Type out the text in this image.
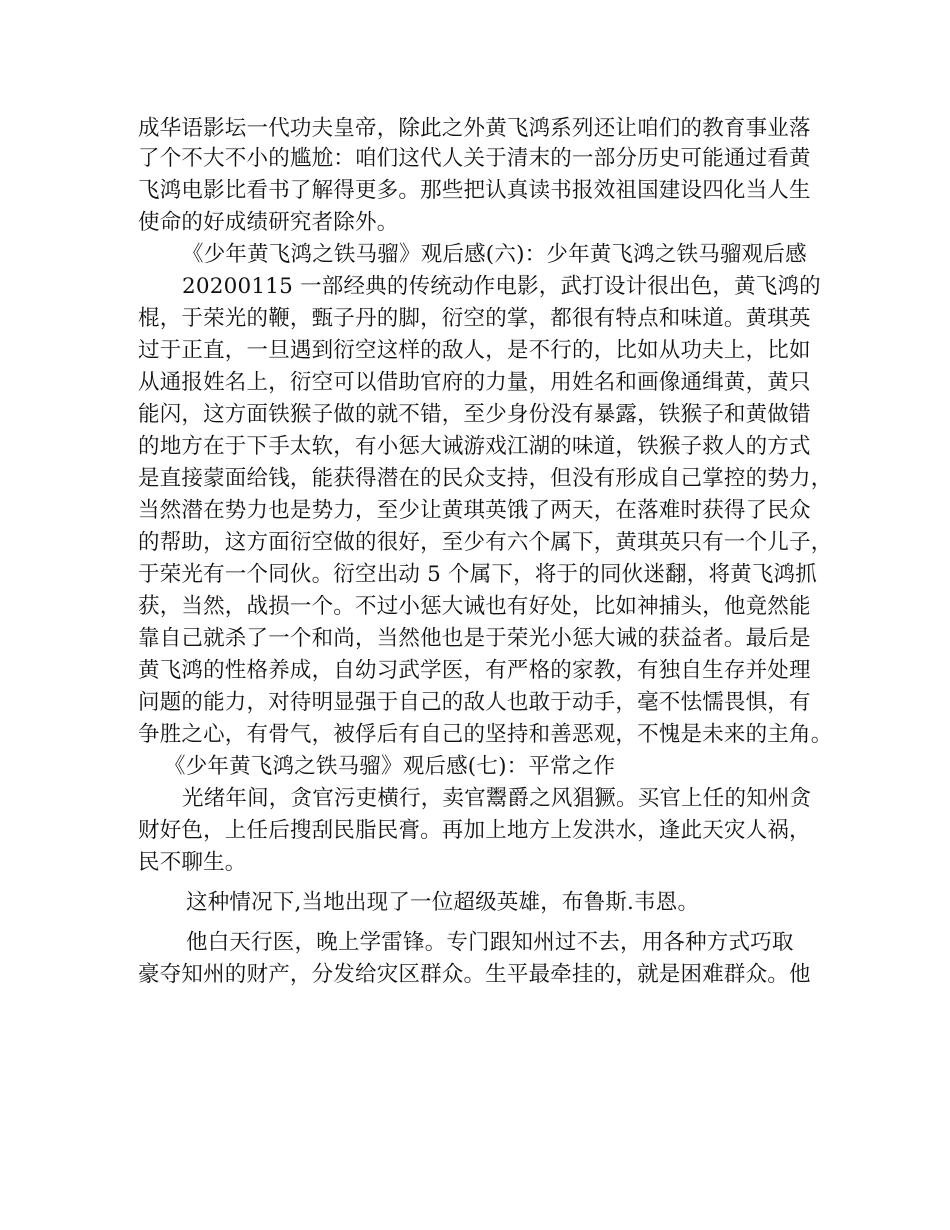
成华语影坛一代功夫皇帝，除此之外黄飞鸿系列还让咱们的教育事业落
了个不大不小的尴尬：咱们这代人关于清末的一部分历史可能通过看黄
飞鸿电影比看书了解得更多。那些把认真读书报效祖国建设四化当人生
使命的好成绩研究者除外。
《少年黄飞鸿之铁马骝》观后感(六)：少年黄飞鸿之铁马骝观后感
20200115 一部经典的传统动作电影，武打设计很出色，黄飞鸿的
棍，于荣光的鞭，甄子丹的脚，衍空的掌，都很有特点和味道。黄琪英
过于正直，一旦遇到衍空这样的敌人，是不行的，比如从功夫上，比如
从通报姓名上，衍空可以借助官府的力量，用姓名和画像通缉黄，黄只
能闪，这方面铁猴子做的就不错，至少身份没有暴露，铁猴子和黄做错
的地方在于下手太软，有小惩大诫游戏江湖的味道，铁猴子救人的方式
是直接蒙面给钱，能获得潜在的民众支持，但没有形成自己掌控的势力，
当然潜在势力也是势力，至少让黄琪英饿了两天，在落难时获得了民众
的帮助，这方面衍空做的很好，至少有六个属下，黄琪英只有一个儿子，
于荣光有一个同伙。衍空出动 5 个属下，将于的同伙迷翻，将黄飞鸿抓
获，当然，战损一个。不过小惩大诫也有好处，比如神捕头，他竟然能
靠自己就杀了一个和尚，当然他也是于荣光小惩大诫的获益者。最后是
黄飞鸿的性格养成，自幼习武学医，有严格的家教，有独自生存并处理
问题的能力，对待明显强于自己的敌人也敢于动手，毫不怯懦畏惧，有
争胜之心，有骨气，被俘后有自己的坚持和善恶观，不愧是未来的主角。
《少年黄飞鸿之铁马骝》观后感(七)：平常之作
光绪年间，贪官污吏横行，卖官鬻爵之风猖獗。买官上任的知州贪
财好色，上任后搜刮民脂民膏。再加上地方上发洪水，逢此天灾人祸，
民不聊生。
这种情况下,当地出现了一位超级英雄，布鲁斯.韦恩。
他白天行医，晚上学雷锋。专门跟知州过不去，用各种方式巧取
豪夺知州的财产，分发给灾区群众。生平最牵挂的，就是困难群众。他
